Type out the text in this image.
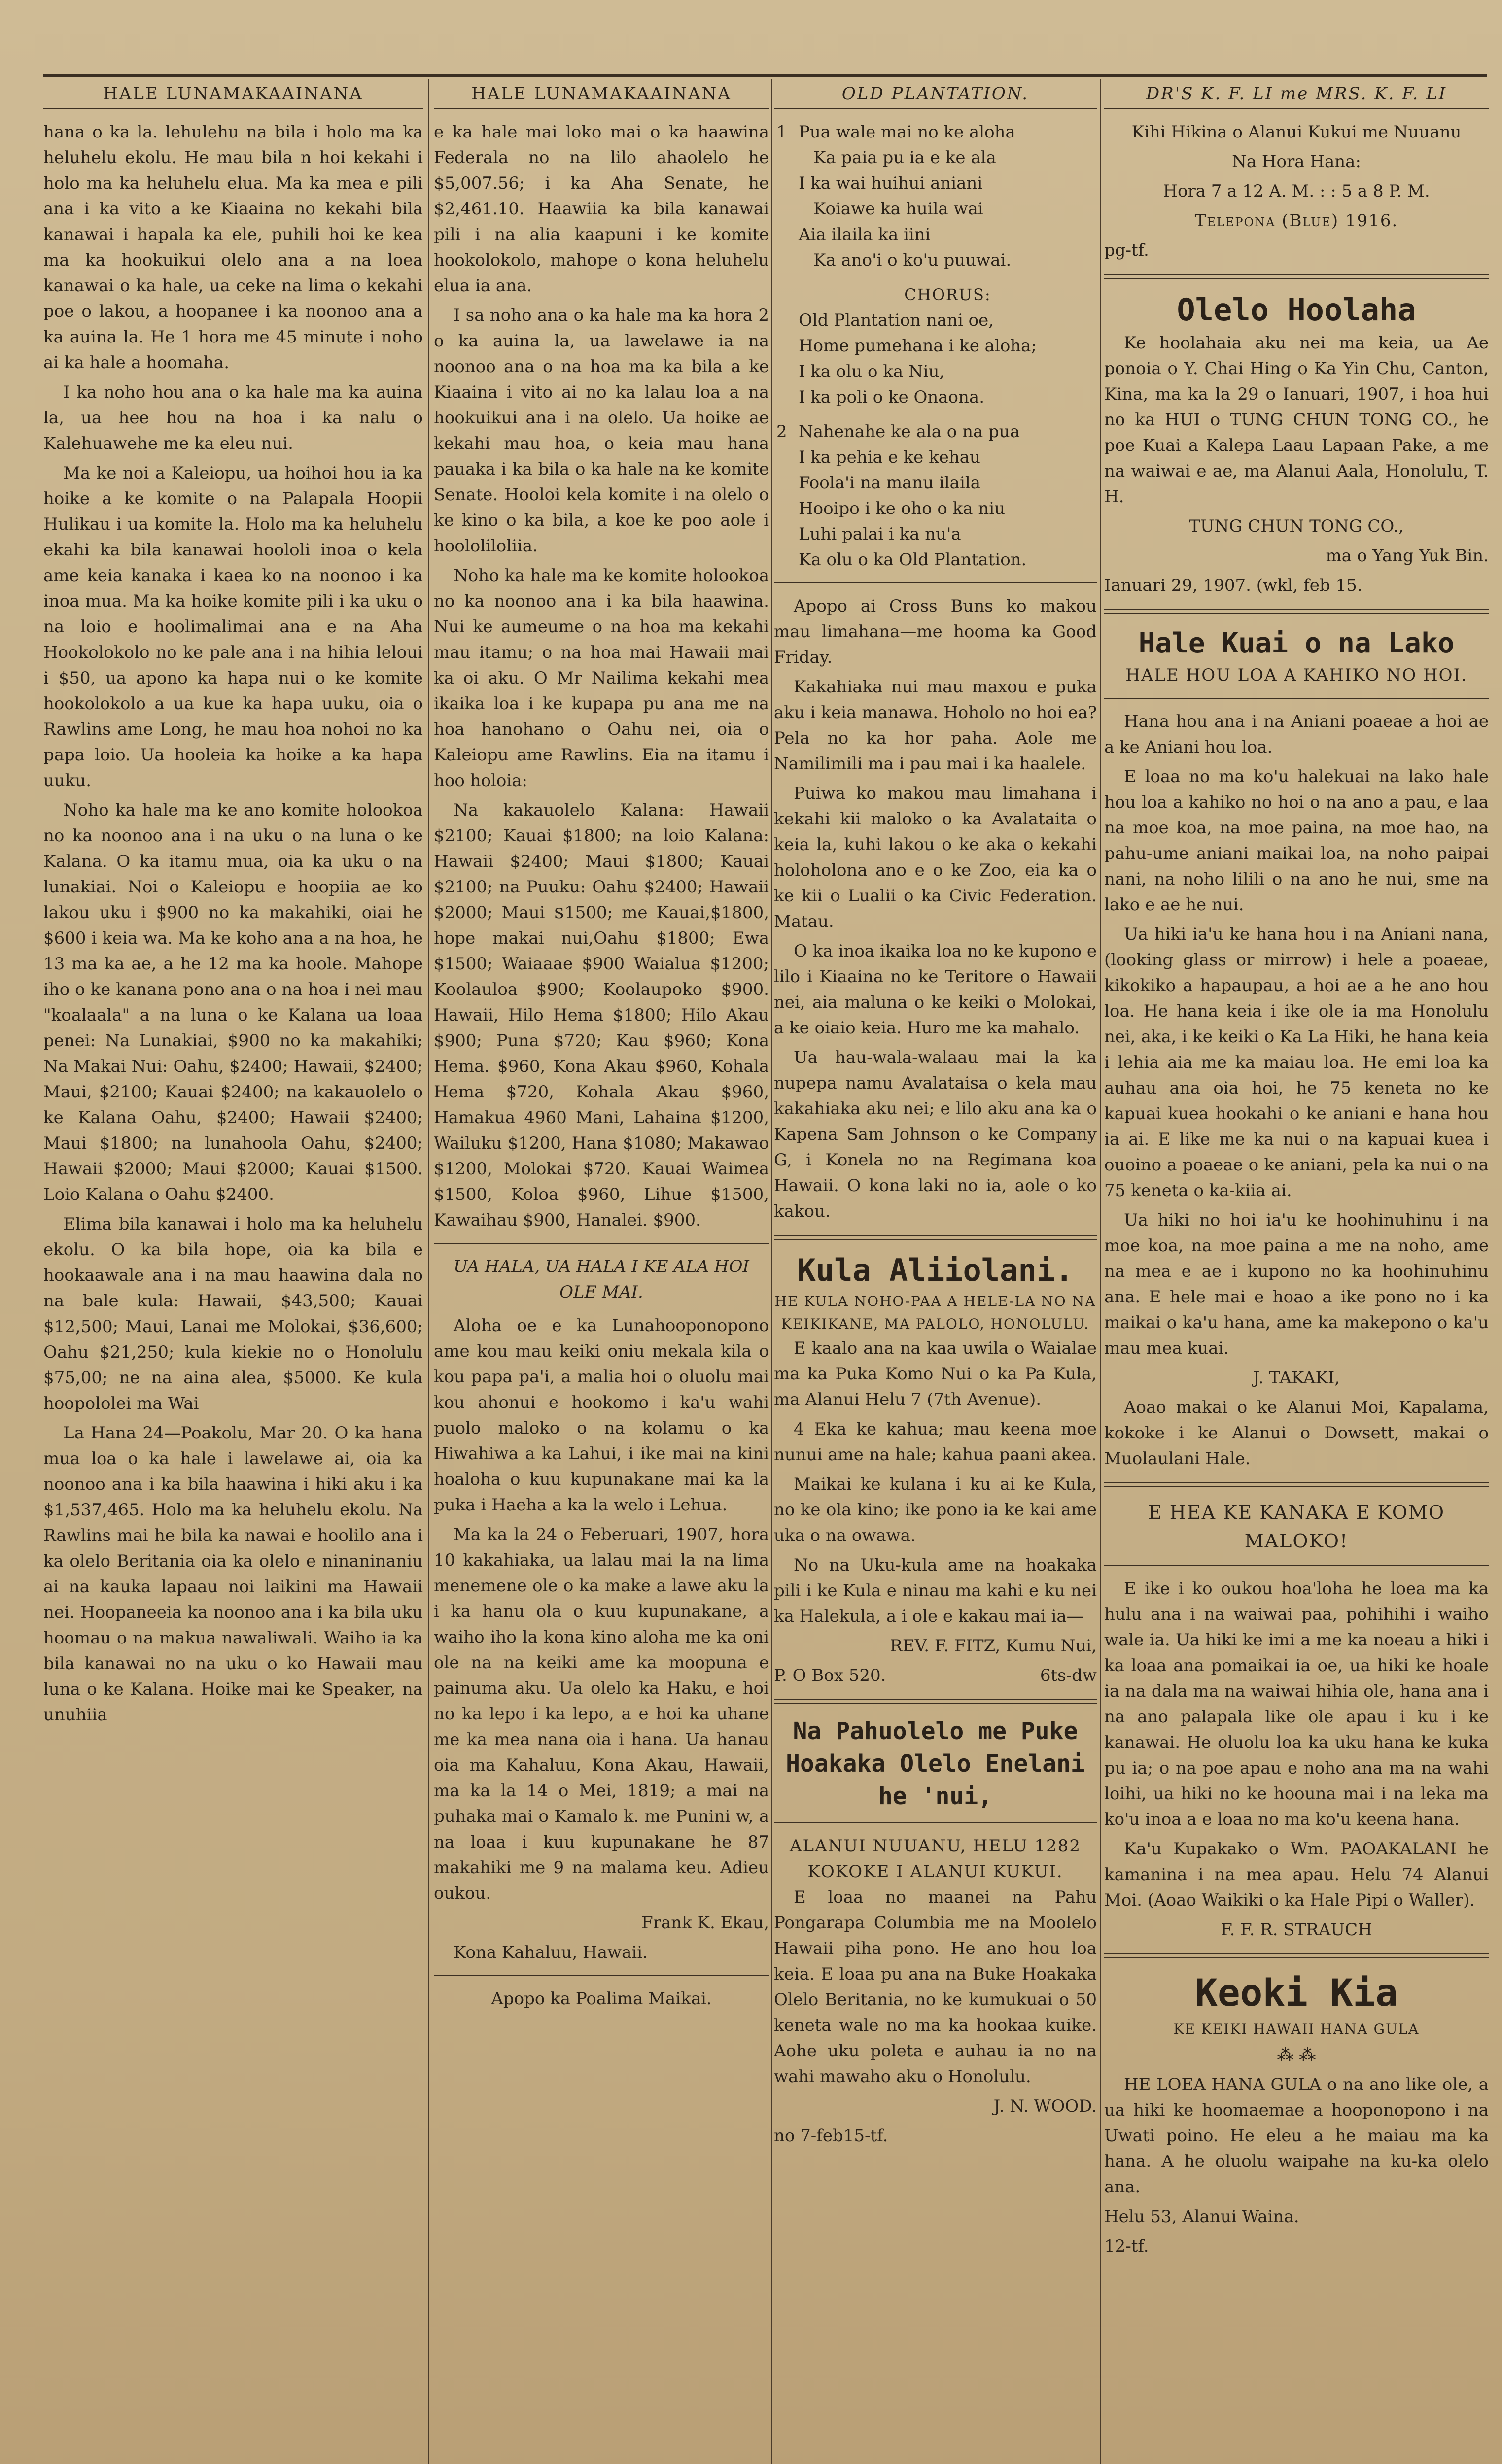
HALE LUNAMAKAAINANA

hana o ka la. lehulehu na bila i holo ma ka heluhelu ekolu. He mau bila n hoi kekahi i holo ma ka heluhelu elua. Ma ka mea e pili ana i ka vito a ke Kiaaina no kekahi bila kanawai i hapala ka ele, puhili hoi ke kea ma ka hookuikui olelo ana a na loea kanawai o ka hale, ua ceke na lima o kekahi poe o lakou, a hoopanee i ka noonoo ana a ka auina la. He 1 hora me 45 minute i noho ai ka hale a hoomaha.

I ka noho hou ana o ka hale ma ka auina la, ua hee hou na hoa i ka nalu o Kalehuawehe me ka eleu nui.

Ma ke noi a Kaleiopu, ua hoihoi hou ia ka hoike a ke komite o na Palapala Hoopii Hulikau i ua komite la. Holo ma ka heluhelu ekahi ka bila kanawai hoololi inoa o kela ame keia kanaka i kaea ko na noonoo i ka inoa mua. Ma ka hoike komite pili i ka uku o na loio e hoolimalimai ana e na Aha Hookolokolo no ke pale ana i na hihia leloui i $50, ua apono ka hapa nui o ke komite hookolokolo a ua kue ka hapa uuku, oia o Rawlins ame Long, he mau hoa nohoi no ka papa loio. Ua hooleia ka hoike a ka hapa uuku.

Noho ka hale ma ke ano komite holookoa no ka noonoo ana i na uku o na luna o ke Kalana. O ka itamu mua, oia ka uku o na lunakiai. Noi o Kaleiopu e hoopiia ae ko lakou uku i $900 no ka makahiki, oiai he $600 i keia wa. Ma ke koho ana a na hoa, he 13 ma ka ae, a he 12 ma ka hoole. Mahope iho o ke kanana pono ana o na hoa i nei mau "koalaala" a na luna o ke Kalana ua loaa penei: Na Lunakiai, $900 no ka makahiki; Na Makai Nui: Oahu, $2400; Hawaii, $2400; Maui, $2100; Kauai $2400; na kakauolelo o ke Kalana Oahu, $2400; Hawaii $2400; Maui $1800; na lunahoola Oahu, $2400; Hawaii $2000; Maui $2000; Kauai $1500. Loio Kalana o Oahu $2400.

Elima bila kanawai i holo ma ka heluhelu ekolu. O ka bila hope, oia ka bila e hookaawale ana i na mau haawina dala no na bale kula: Hawaii, $43,500; Kauai $12,500; Maui, Lanai me Molokai, $36,600; Oahu $21,250; kula kiekie no o Honolulu $75,00; ne na aina alea, $5000. Ke kula hoopololei ma Wai

La Hana 24—Poakolu, Mar 20. O ka hana mua loa o ka hale i lawelawe ai, oia ka noonoo ana i ka bila haawina i hiki aku i ka $1,537,465. Holo ma ka heluhelu ekolu. Na Rawlins mai he bila ka nawai e hoolilo ana i ka olelo Beritania oia ka olelo e ninaninaniu ai na kauka lapaau noi laikini ma Hawaii nei. Hoopaneeia ka noonoo ana i ka bila uku hoomau o na makua nawaliwali. Waiho ia ka bila kanawai no na uku o ko Hawaii mau luna o ke Kalana. Hoike mai ke Speaker, na unuhiia

HALE LUNAMAKAAINANA

e ka hale mai loko mai o ka haawina Federala no na lilo ahaolelo he $5,007.56; i ka Aha Senate, he $2,461.10. Haawiia ka bila kanawai pili i na alia kaapuni i ke komite hookolokolo, mahope o kona heluhelu elua ia ana.

I sa noho ana o ka hale ma ka hora 2 o ka auina la, ua lawelawe ia na noonoo ana o na hoa ma ka bila a ke Kiaaina i vito ai no ka lalau loa a na hookuikui ana i na olelo. Ua hoike ae kekahi mau hoa, o keia mau hana pauaka i ka bila o ka hale na ke komite Senate. Hooloi kela komite i na olelo o ke kino o ka bila, a koe ke poo aole i hoololiloliia.

Noho ka hale ma ke komite holookoa no ka noonoo ana i ka bila haawina. Nui ke aumeume o na hoa ma kekahi mau itamu; o na hoa mai Hawaii mai ka oi aku. O Mr Nailima kekahi mea ikaika loa i ke kupapa pu ana me na hoa hanohano o Oahu nei, oia o Kaleiopu ame Rawlins. Eia na itamu i hoo holoia:

Na kakauolelo Kalana: Hawaii $2100; Kauai $1800; na loio Kalana: Hawaii $2400; Maui $1800; Kauai $2100; na Puuku: Oahu $2400; Hawaii $2000; Maui $1500; me Kauai,$1800, hope makai nui,Oahu $1800; Ewa $1500; Waiaaae $900 Waialua $1200; Koolauloa $900; Koolaupoko $900. Hawaii, Hilo Hema $1800; Hilo Akau $900; Puna $720; Kau $960; Kona Hema. $960, Kona Akau $960, Kohala Hema $720, Kohala Akau $960, Hamakua 4960 Mani, Lahaina $1200, Wailuku $1200, Hana $1080; Makawao $1200, Molokai $720. Kauai Waimea $1500, Koloa $960, Lihue $1500, Kawaihau $900, Hanalei. $900.

UA HALA, UA HALA I KE ALA HOI OLE MAI.

Aloha oe e ka Lunahooponopono ame kou mau keiki oniu mekala kila o kou papa pa'i, a malia hoi o oluolu mai kou ahonui e hookomo i ka'u wahi puolo maloko o na kolamu o ka Hiwahiwa a ka Lahui, i ike mai na kini hoaloha o kuu kupunakane mai ka la puka i Haeha a ka la welo i Lehua.

Ma ka la 24 o Feberuari, 1907, hora 10 kakahiaka, ua lalau mai la na lima menemene ole o ka make a lawe aku la i ka hanu ola o kuu kupunakane, a waiho iho la kona kino aloha me ka oni ole na na keiki ame ka moopuna e painuma aku. Ua olelo ka Haku, e hoi no ka lepo i ka lepo, a e hoi ka uhane me ka mea nana oia i hana. Ua hanau oia ma Kahaluu, Kona Akau, Hawaii, ma ka la 14 o Mei, 1819; a mai na puhaka mai o Kamalo k. me Punini w, a na loaa i kuu kupunakane he 87 makahiki me 9 na malama keu. Adieu oukou.

Frank K. Ekau,

Kona Kahaluu, Hawaii.

Apopo ka Poalima Maikai.

OLD PLANTATION.
1 Pua wale mai no ke aloha
Ka paia pu ia e ke ala
I ka wai huihui aniani
Koiawe ka huila wai
Aia ilaila ka iini
Ka ano'i o ko'u puuwai.
CHORUS:
Old Plantation nani oe,
Home pumehana i ke aloha;
I ka olu o ka Niu,
I ka poli o ke Onaona.
2 Nahenahe ke ala o na pua
I ka pehia e ke kehau
Foola'i na manu ilaila
Hooipo i ke oho o ka niu
Luhi palai i ka nu'a
Ka olu o ka Old Plantation.

Apopo ai Cross Buns ko makou mau limahana—me hooma ka Good Friday.

Kakahiaka nui mau maxou e puka aku i keia manawa. Hoholo no hoi ea? Pela no ka hor paha. Aole me Namilimili ma i pau mai i ka haalele.

Puiwa ko makou mau limahana i kekahi kii maloko o ka Avalataita o keia la, kuhi lakou o ke aka o kekahi holoholona ano e o ke Zoo, eia ka o ke kii o Lualii o ka Civic Federation. Matau.

O ka inoa ikaika loa no ke kupono e lilo i Kiaaina no ke Teritore o Hawaii nei, aia maluna o ke keiki o Molokai, a ke oiaio keia. Huro me ka mahalo.

Ua hau-wala-walaau mai la ka nupepa namu Avalataisa o kela mau kakahiaka aku nei; e lilo aku ana ka o Kapena Sam Johnson o ke Company G, i Konela no na Regimana koa Hawaii. O kona laki no ia, aole o ko kakou.

Kula Aliiolani.
HE KULA NOHO-PAA A HELE-LA NO NA KEIKIKANE, MA PALOLO, HONOLULU.

E kaalo ana na kaa uwila o Waialae ma ka Puka Komo Nui o ka Pa Kula, ma Alanui Helu 7 (7th Avenue).

4 Eka ke kahua; mau keena moe nunui ame na hale; kahua paani akea.

Maikai ke kulana i ku ai ke Kula, no ke ola kino; ike pono ia ke kai ame uka o na owawa.

No na Uku-kula ame na hoakaka pili i ke Kula e ninau ma kahi e ku nei ka Halekula, a i ole e kakau mai ia—

REV. F. FITZ, Kumu Nui,

P. O Box 520.	6ts-dw

Na Pahuolelo me Puke Hoakaka Olelo Enelani he 'nui,
ALANUI NUUANU, HELU 1282 KOKOKE I ALANUI KUKUI.

E loaa no maanei na Pahu Pongarapa Columbia me na Moolelo Hawaii piha pono. He ano hou loa keia. E loaa pu ana na Buke Hoakaka Olelo Beritania, no ke kumukuai o 50 keneta wale no ma ka hookaa kuike. Aohe uku poleta e auhau ia no na wahi mawaho aku o Honolulu.

J. N. WOOD.

no 7-feb15-tf.

DR'S K. F. LI me MRS. K. F. LI

Kihi Hikina o Alanui Kukui me Nuuanu

Na Hora Hana:

Hora 7 a 12 A. M. : : 5 a 8 P. M.

Telepona (Blue) 1916.

pg-tf.

Olelo Hoolaha

Ke hoolahaia aku nei ma keia, ua Ae ponoia o Y. Chai Hing o Ka Yin Chu, Canton, Kina, ma ka la 29 o Ianuari, 1907, i hoa hui no ka HUI o TUNG CHUN TONG CO., he poe Kuai a Kalepa Laau Lapaan Pake, a me na waiwai e ae, ma Alanui Aala, Honolulu, T. H.

TUNG CHUN TONG CO.,

ma o Yang Yuk Bin.

Ianuari 29, 1907. (wkl, feb 15.

Hale Kuai o na Lako
HALE HOU LOA A KAHIKO NO HOI.

Hana hou ana i na Aniani poaeae a hoi ae a ke Aniani hou loa.

E loaa no ma ko'u halekuai na lako hale hou loa a kahiko no hoi o na ano a pau, e laa na moe koa, na moe paina, na moe hao, na pahu-ume aniani maikai loa, na noho paipai nani, na noho lilili o na ano he nui, sme na lako e ae he nui.

Ua hiki ia'u ke hana hou i na Aniani nana, (looking glass or mirrow) i hele a poaeae, kikokiko a hapaupau, a hoi ae a he ano hou loa. He hana keia i ike ole ia ma Honolulu nei, aka, i ke keiki o Ka La Hiki, he hana keia i lehia aia me ka maiau loa. He emi loa ka auhau ana oia hoi, he 75 keneta no ke kapuai kuea hookahi o ke aniani e hana hou ia ai. E like me ka nui o na kapuai kuea i ouoino a poaeae o ke aniani, pela ka nui o na 75 keneta o ka-kiia ai.

Ua hiki no hoi ia'u ke hoohinuhinu i na moe koa, na moe paina a me na noho, ame na mea e ae i kupono no ka hoohinuhinu ana. E hele mai e hoao a ike pono no i ka maikai o ka'u hana, ame ka makepono o ka'u mau mea kuai.

J. TAKAKI,

Aoao makai o ke Alanui Moi, Kapalama, kokoke i ke Alanui o Dowsett, makai o Muolaulani Hale.

E HEA KE KANAKA E KOMO MALOKO!

E ike i ko oukou hoa'loha he loea ma ka hulu ana i na waiwai paa, pohihihi i waiho wale ia. Ua hiki ke imi a me ka noeau a hiki i ka loaa ana pomaikai ia oe, ua hiki ke hoale ia na dala ma na waiwai hihia ole, hana ana i na ano palapala like ole apau i ku i ke kanawai. He oluolu loa ka uku hana ke kuka pu ia; o na poe apau e noho ana ma na wahi loihi, ua hiki no ke hoouna mai i na leka ma ko'u inoa a e loaa no ma ko'u keena hana.

Ka'u Kupakako o Wm. PAOAKALANI he kamanina i na mea apau. Helu 74 Alanui Moi. (Aoao Waikiki o ka Hale Pipi o Waller).

F. F. R. STRAUCH

Keoki Kia
KE KEIKI HAWAII HANA GULA

⁂ ⁂

HE LOEA HANA GULA o na ano like ole, a ua hiki ke hoomaemae a hooponopono i na Uwati poino. He eleu a he maiau ma ka hana. A he oluolu waipahe na ku-ka olelo ana.

Helu 53, Alanui Waina.

12-tf.
